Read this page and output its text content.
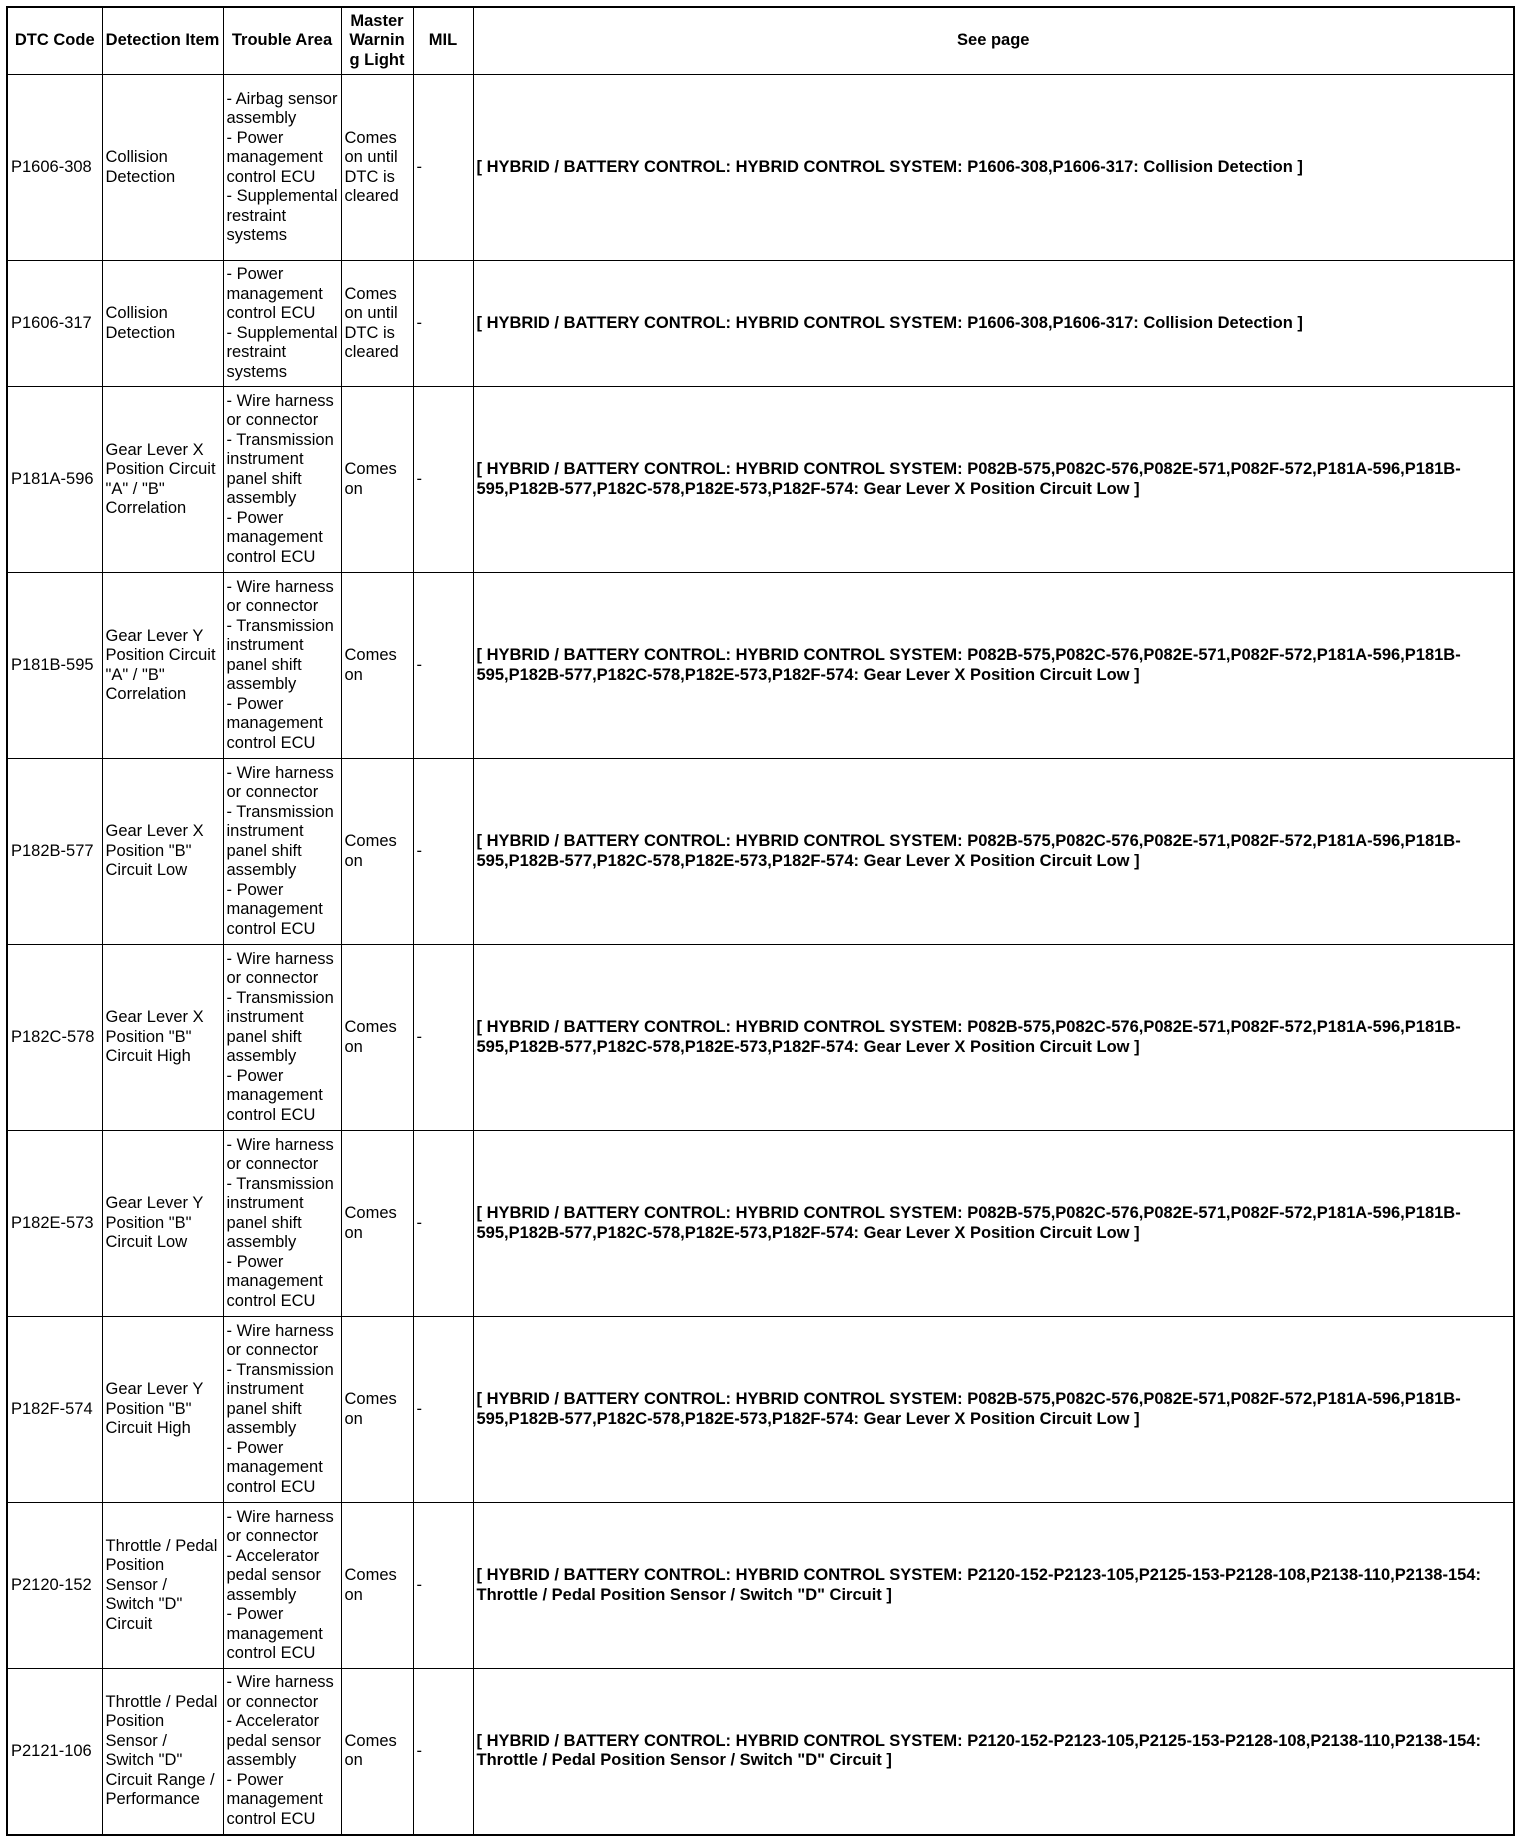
DTC Code	Detection Item	Trouble Area	Master Warning Light	MIL	See page
P1606-308	Collision Detection	- Airbag sensor assembly
- Power management control ECU
- Supplemental restraint systems	Comes on until DTC is cleared	-	[ HYBRID / BATTERY CONTROL: HYBRID CONTROL SYSTEM: P1606-308,P1606-317: Collision Detection ]
P1606-317	Collision Detection	- Power management control ECU
- Supplemental restraint systems	Comes on until DTC is cleared	-	[ HYBRID / BATTERY CONTROL: HYBRID CONTROL SYSTEM: P1606-308,P1606-317: Collision Detection ]
P181A-596	Gear Lever X Position Circuit "A" / "B" Correlation	- Wire harness or connector
- Transmission instrument panel shift assembly
- Power management control ECU	Comes on	-	[ HYBRID / BATTERY CONTROL: HYBRID CONTROL SYSTEM: P082B-575,P082C-576,P082E-571,P082F-572,P181A-596,P181B-595,P182B-577,P182C-578,P182E-573,P182F-574: Gear Lever X Position Circuit Low ]
P181B-595	Gear Lever Y Position Circuit "A" / "B" Correlation	- Wire harness or connector
- Transmission instrument panel shift assembly
- Power management control ECU	Comes on	-	[ HYBRID / BATTERY CONTROL: HYBRID CONTROL SYSTEM: P082B-575,P082C-576,P082E-571,P082F-572,P181A-596,P181B-595,P182B-577,P182C-578,P182E-573,P182F-574: Gear Lever X Position Circuit Low ]
P182B-577	Gear Lever X Position "B" Circuit Low	- Wire harness or connector
- Transmission instrument panel shift assembly
- Power management control ECU	Comes on	-	[ HYBRID / BATTERY CONTROL: HYBRID CONTROL SYSTEM: P082B-575,P082C-576,P082E-571,P082F-572,P181A-596,P181B-595,P182B-577,P182C-578,P182E-573,P182F-574: Gear Lever X Position Circuit Low ]
P182C-578	Gear Lever X Position "B" Circuit High	- Wire harness or connector
- Transmission instrument panel shift assembly
- Power management control ECU	Comes on	-	[ HYBRID / BATTERY CONTROL: HYBRID CONTROL SYSTEM: P082B-575,P082C-576,P082E-571,P082F-572,P181A-596,P181B-595,P182B-577,P182C-578,P182E-573,P182F-574: Gear Lever X Position Circuit Low ]
P182E-573	Gear Lever Y Position "B" Circuit Low	- Wire harness or connector
- Transmission instrument panel shift assembly
- Power management control ECU	Comes on	-	[ HYBRID / BATTERY CONTROL: HYBRID CONTROL SYSTEM: P082B-575,P082C-576,P082E-571,P082F-572,P181A-596,P181B-595,P182B-577,P182C-578,P182E-573,P182F-574: Gear Lever X Position Circuit Low ]
P182F-574	Gear Lever Y Position "B" Circuit High	- Wire harness or connector
- Transmission instrument panel shift assembly
- Power management control ECU	Comes on	-	[ HYBRID / BATTERY CONTROL: HYBRID CONTROL SYSTEM: P082B-575,P082C-576,P082E-571,P082F-572,P181A-596,P181B-595,P182B-577,P182C-578,P182E-573,P182F-574: Gear Lever X Position Circuit Low ]
P2120-152	Throttle / Pedal Position Sensor / Switch "D" Circuit	- Wire harness or connector
- Accelerator pedal sensor assembly
- Power management control ECU	Comes on	-	[ HYBRID / BATTERY CONTROL: HYBRID CONTROL SYSTEM: P2120-152-P2123-105,P2125-153-P2128-108,P2138-110,P2138-154: Throttle / Pedal Position Sensor / Switch "D" Circuit ]
P2121-106	Throttle / Pedal Position Sensor / Switch "D" Circuit Range / Performance	- Wire harness or connector
- Accelerator pedal sensor assembly
- Power management control ECU	Comes on	-	[ HYBRID / BATTERY CONTROL: HYBRID CONTROL SYSTEM: P2120-152-P2123-105,P2125-153-P2128-108,P2138-110,P2138-154: Throttle / Pedal Position Sensor / Switch "D" Circuit ]
